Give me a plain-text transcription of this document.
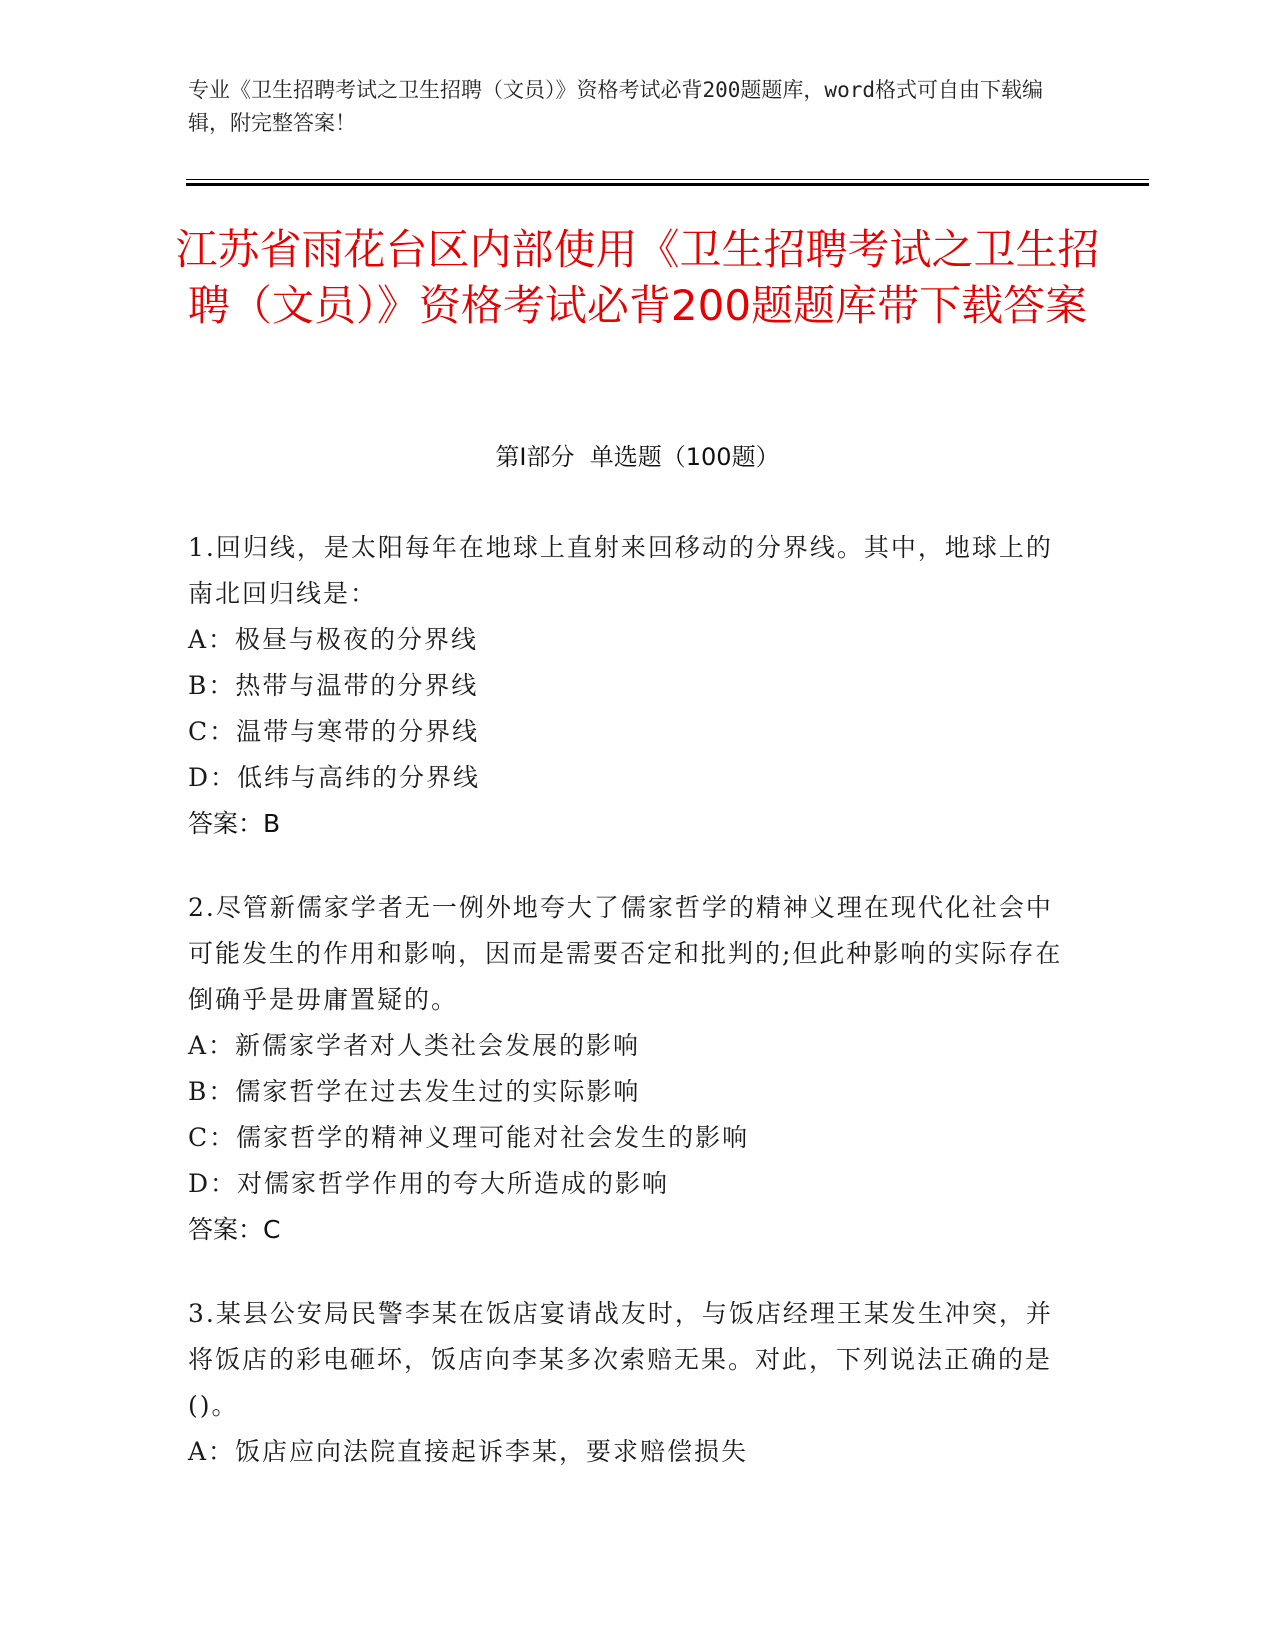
专业《卫生招聘考试之卫生招聘（文员）》资格考试必背200题题库，word格式可自由下载编辑，附完整答案！
江苏省雨花台区内部使用《卫生招聘考试之卫生招聘（文员）》资格考试必背200题题库带下载答案
第I部分  单选题（100题）
1.回归线，是太阳每年在地球上直射来回移动的分界线。其中，地球上的南北回归线是：
A：极昼与极夜的分界线
B：热带与温带的分界线
C：温带与寒带的分界线
D：低纬与高纬的分界线
答案：B
2.尽管新儒家学者无一例外地夸大了儒家哲学的精神义理在现代化社会中可能发生的作用和影响，因而是需要否定和批判的;但此种影响的实际存在倒确乎是毋庸置疑的。
A：新儒家学者对人类社会发展的影响
B：儒家哲学在过去发生过的实际影响
C：儒家哲学的精神义理可能对社会发生的影响
D：对儒家哲学作用的夸大所造成的影响
答案：C
3.某县公安局民警李某在饭店宴请战友时，与饭店经理王某发生冲突，并将饭店的彩电砸坏，饭店向李某多次索赔无果。对此，下列说法正确的是()。
A：饭店应向法院直接起诉李某，要求赔偿损失
